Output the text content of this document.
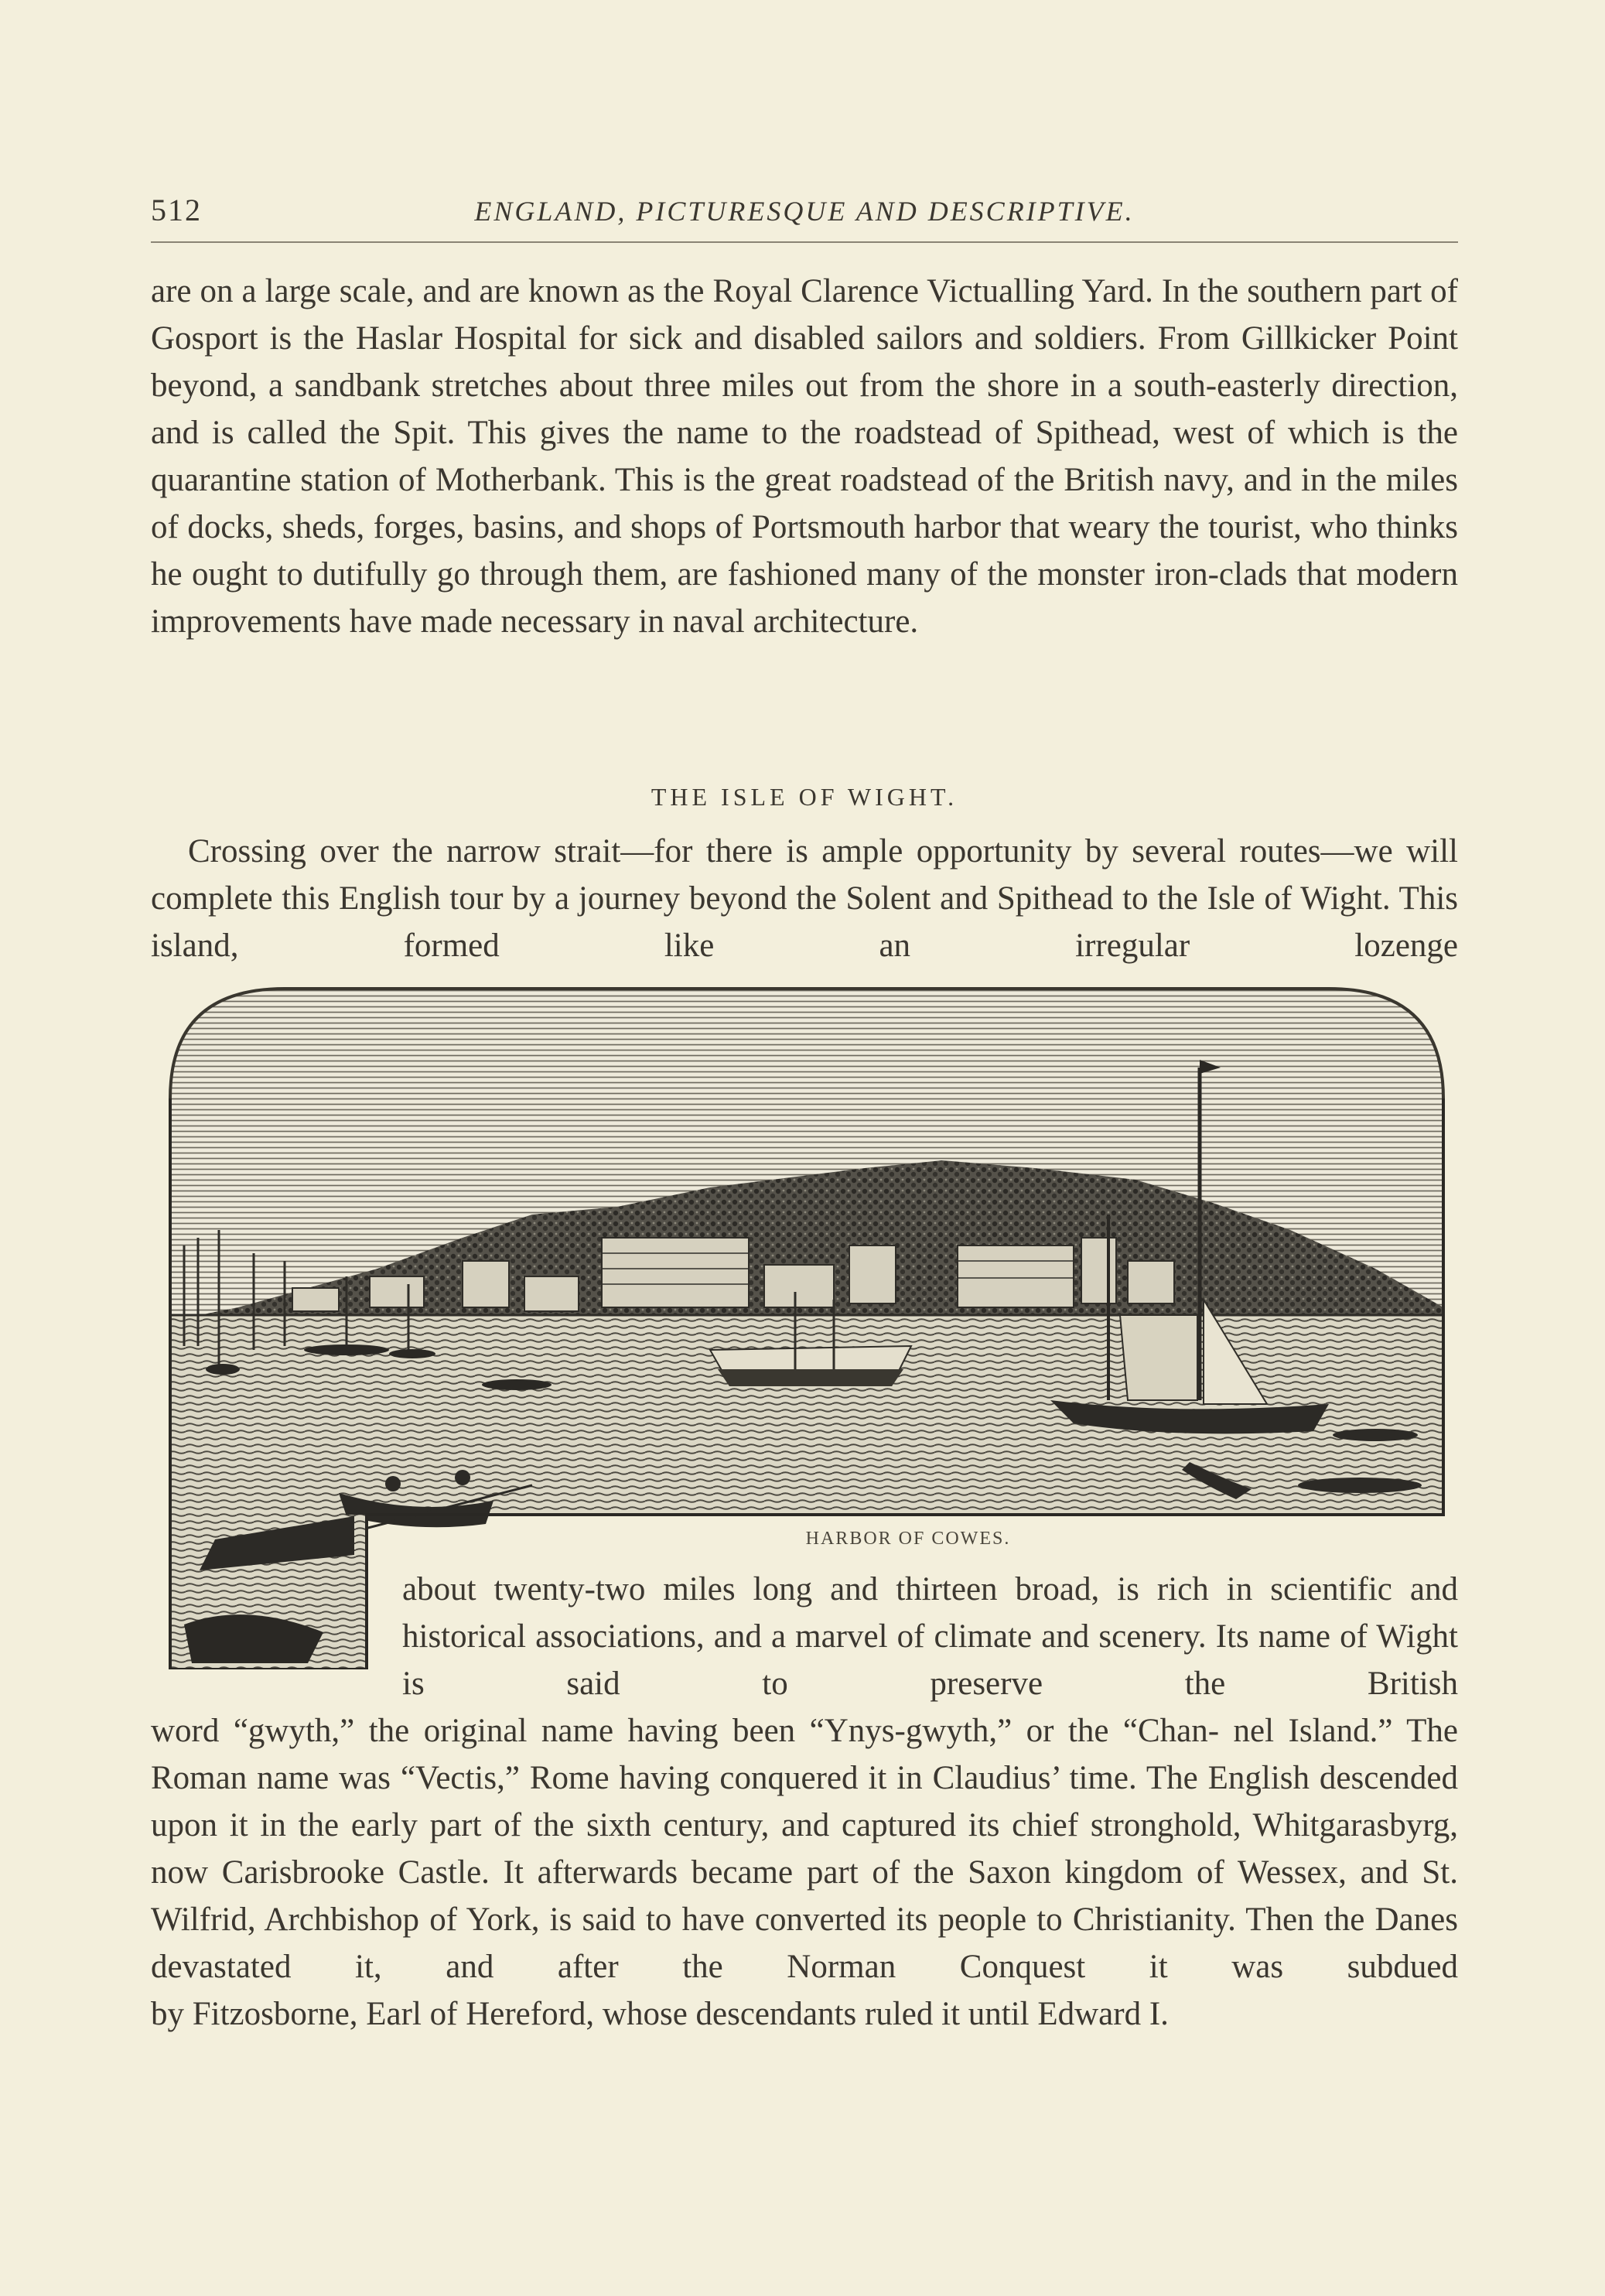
512	ENGLAND, PICTURESQUE AND DESCRIPTIVE.

are on a large scale, and are known as the Royal Clarence Victualling Yard. In the southern part of Gosport is the Haslar Hospital for sick and disabled sailors and soldiers. From Gillkicker Point beyond, a sandbank stretches about three miles out from the shore in a south-easterly direction, and is called the Spit. This gives the name to the roadstead of Spithead, west of which is the quarantine station of Motherbank. This is the great roadstead of the British navy, and in the miles of docks, sheds, forges, basins, and shops of Portsmouth harbor that weary the tourist, who thinks he ought to dutifully go through them, are fashioned many of the monster iron-clads that modern
improvements have made necessary in naval architecture.

THE ISLE OF WIGHT.

Crossing over the narrow strait—for there is ample opportunity by several routes—we will complete this English tour by a journey beyond the Solent and Spithead to the Isle of Wight. This island, formed like an irregular lozenge

HARBOR OF COWES.

about twenty-two miles long and thirteen broad, is rich in scientific and historical associations, and a marvel of climate and scenery. Its name of Wight is said to preserve the British

word “gwyth,” the original name having been “Ynys-gwyth,” or the “Chan- nel Island.” The Roman name was “Vectis,” Rome having conquered it in Claudius’ time. The English descended upon it in the early part of the sixth century, and captured its chief stronghold, Whitgarasbyrg, now Carisbrooke Castle. It afterwards became part of the Saxon kingdom of Wessex, and St. Wilfrid, Archbishop of York, is said to have converted its people to Christianity. Then the Danes devastated it, and after the Norman Conquest it was subdued
by Fitzosborne, Earl of Hereford, whose descendants ruled it until Edward I.
